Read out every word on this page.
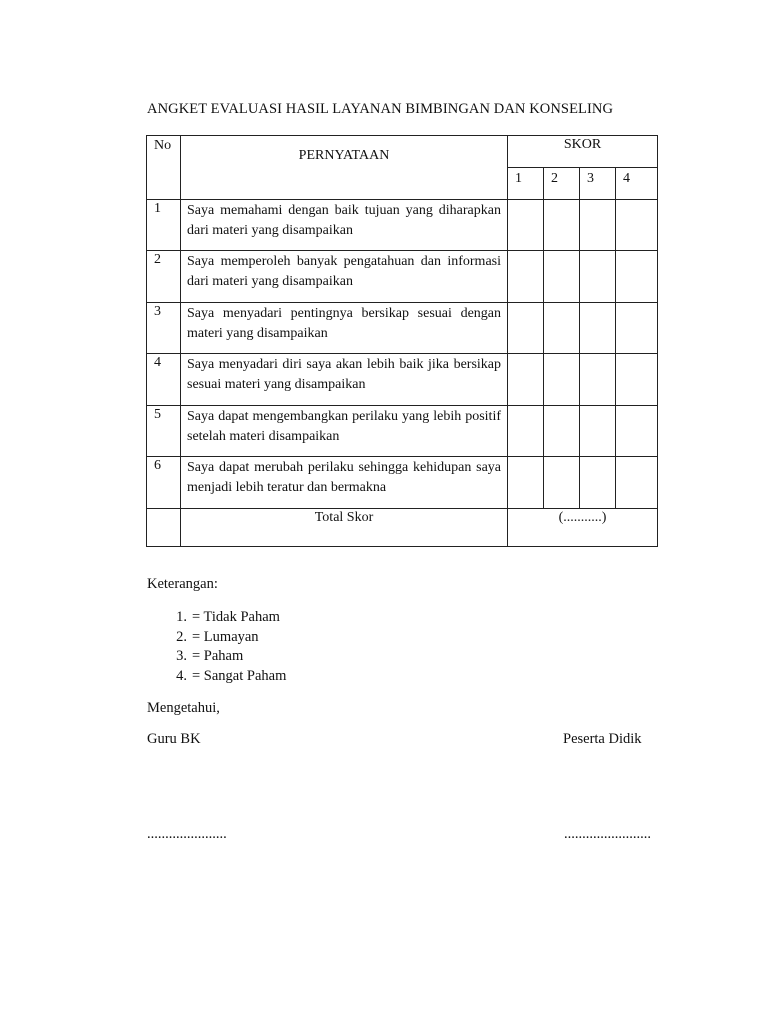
ANGKET EVALUASI HASIL LAYANAN BIMBINGAN DAN KONSELING
No	PERNYATAAN	SKOR			
		1	2	3	4
1	Saya memahami dengan baik tujuan yang diharapkan dari materi yang disampaikan				
2	Saya memperoleh banyak pengatahuan dan informasi dari materi yang disampaikan				
3	Saya menyadari pentingnya bersikap sesuai dengan materi yang disampaikan				
4	Saya menyadari diri saya akan lebih baik jika bersikap sesuai materi yang disampaikan				
5	Saya dapat mengembangkan perilaku yang lebih positif setelah materi disampaikan				
6	Saya dapat merubah perilaku sehingga kehidupan saya menjadi lebih teratur dan bermakna				
	Total Skor	(...........)			
Keterangan:
1. = Tidak Paham
2. = Lumayan
3. = Paham
4. = Sangat Paham
Mengetahui,
Guru BK	Peserta Didik
......................	........................
